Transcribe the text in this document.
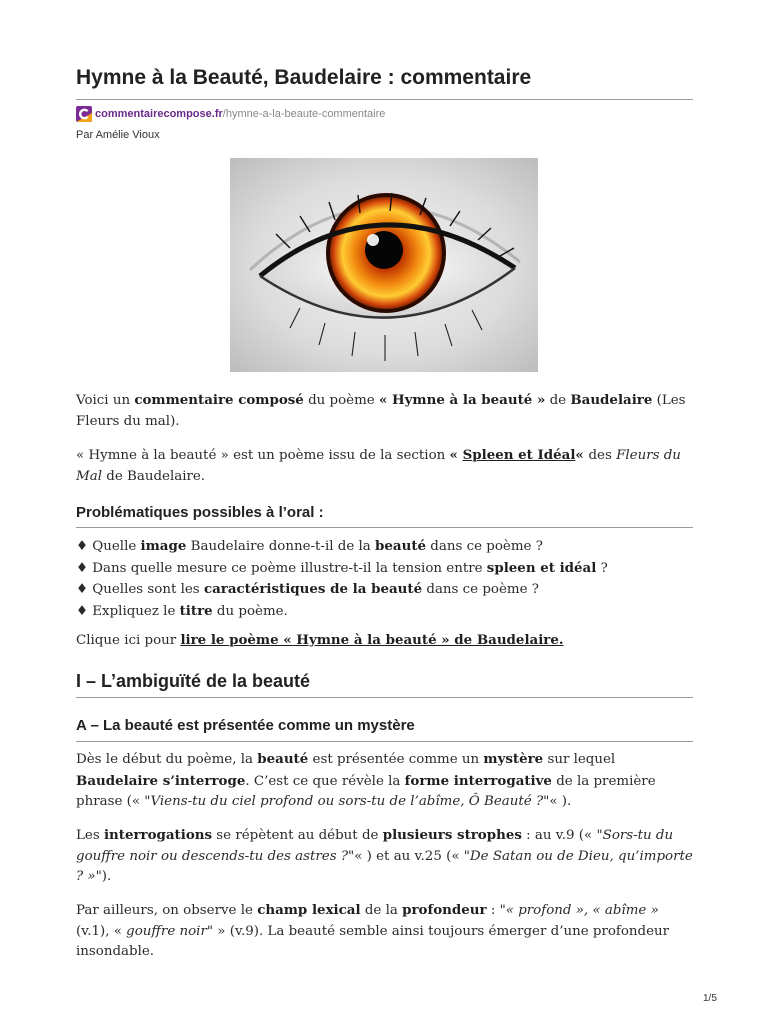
Hymne à la Beauté, Baudelaire : commentaire
commentairecompose.fr /hymne-a-la-beaute-commentaire
Par Amélie Vioux

Voici un commentaire composé du poème « Hymne à la beauté » de Baudelaire (Les Fleurs du mal).

« Hymne à la beauté » est un poème issu de la section « Spleen et Idéal« des Fleurs du Mal de Baudelaire.

Problématiques possibles à l’oral :
♦ Quelle image Baudelaire donne-t-il de la beauté dans ce poème ?
♦ Dans quelle mesure ce poème illustre-t-il la tension entre spleen et idéal ?
♦ Quelles sont les caractéristiques de la beauté dans ce poème ?
♦ Expliquez le titre du poème.

Clique ici pour lire le poème « Hymne à la beauté » de Baudelaire.

I – L’ambiguïté de la beauté
A – La beauté est présentée comme un mystère

Dès le début du poème, la beauté est présentée comme un mystère sur lequel Baudelaire s’interroge. C’est ce que révèle la forme interrogative de la première phrase (« "Viens-tu du ciel profond ou sors-tu de l’abîme, Ô Beauté ?"« ).

Les interrogations se répètent au début de plusieurs strophes : au v.9 (« "Sors-tu du gouffre noir ou descends-tu des astres ?"« ) et au v.25 (« "De Satan ou de Dieu, qu’importe ? »").

Par ailleurs, on observe le champ lexical de la profondeur : "« profond », « abîme » (v.1), « gouffre noir" » (v.9). La beauté semble ainsi toujours émerger d’une profondeur insondable.

1/5
